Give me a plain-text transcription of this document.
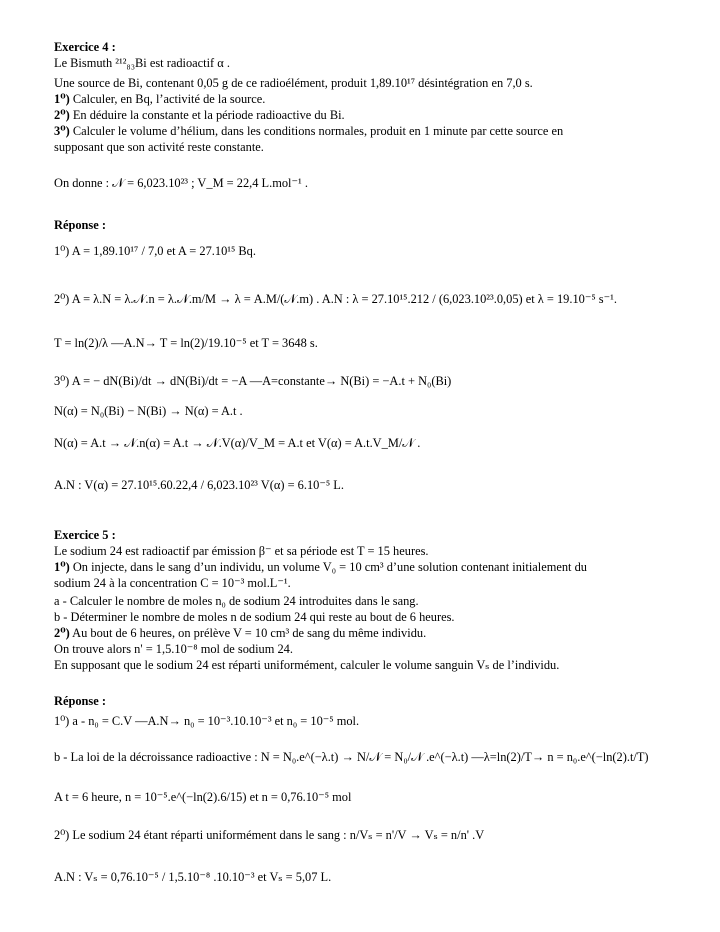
Exercice 4 :
Le Bismuth ²¹²₈₃Bi est radioactif α .
Une source de Bi, contenant 0,05 g de ce radioélément, produit 1,89.10¹⁷ désintégration en 7,0 s.
1⁰) Calculer, en Bq, l’activité de la source.
2⁰) En déduire la constante et la période radioactive du Bi.
3⁰) Calculer le volume d’hélium, dans les conditions normales, produit en 1 minute par cette source en
supposant que son activité reste constante.
On donne : 𝒩 = 6,023.10²³ ; V_M = 22,4 L.mol⁻¹ .
Réponse :
1⁰) A = 1,89.10¹⁷ / 7,0 et A = 27.10¹⁵ Bq.
2⁰) A = λ.N = λ.𝒩.n = λ.𝒩.m/M → λ = A.M/(𝒩.m) . A.N : λ = 27.10¹⁵.212 / (6,023.10²³.0,05) et λ = 19.10⁻⁵ s⁻¹.
T = ln(2)/λ —A.N→ T = ln(2)/19.10⁻⁵ et T = 3648 s.
3⁰) A = − dN(Bi)/dt → dN(Bi)/dt = −A —A=constante→ N(Bi) = −A.t + N₀(Bi)
N(α) = N₀(Bi) − N(Bi) → N(α) = A.t .
N(α) = A.t → 𝒩.n(α) = A.t → 𝒩.V(α)/V_M = A.t et V(α) = A.t.V_M/𝒩 .
A.N : V(α) = 27.10¹⁵.60.22,4 / 6,023.10²³ V(α) = 6.10⁻⁵ L.
Exercice 5 :
Le sodium 24 est radioactif par émission β⁻ et sa période est T = 15 heures.
1⁰) On injecte, dans le sang d’un individu, un volume V₀ = 10 cm³ d’une solution contenant initialement du
sodium 24 à la concentration C = 10⁻³ mol.L⁻¹.
a - Calculer le nombre de moles n₀ de sodium 24 introduites dans le sang.
b - Déterminer le nombre de moles n de sodium 24 qui reste au bout de 6 heures.
2⁰) Au bout de 6 heures, on prélève V = 10 cm³ de sang du même individu.
On trouve alors n' = 1,5.10⁻⁸ mol de sodium 24.
En supposant que le sodium 24 est réparti uniformément, calculer le volume sanguin Vₛ de l’individu.
Réponse :
1⁰) a - n₀ = C.V —A.N→ n₀ = 10⁻³.10.10⁻³ et n₀ = 10⁻⁵ mol.
b - La loi de la décroissance radioactive : N = N₀.e^(−λ.t) → N/𝒩 = N₀/𝒩 .e^(−λ.t) —λ=ln(2)/T→ n = n₀.e^(−ln(2).t/T)
A t = 6 heure, n = 10⁻⁵.e^(−ln(2).6/15) et n = 0,76.10⁻⁵ mol
2⁰) Le sodium 24 étant réparti uniformément dans le sang : n/Vₛ = n'/V → Vₛ = n/n' .V
A.N : Vₛ = 0,76.10⁻⁵ / 1,5.10⁻⁸ .10.10⁻³ et Vₛ = 5,07 L.
